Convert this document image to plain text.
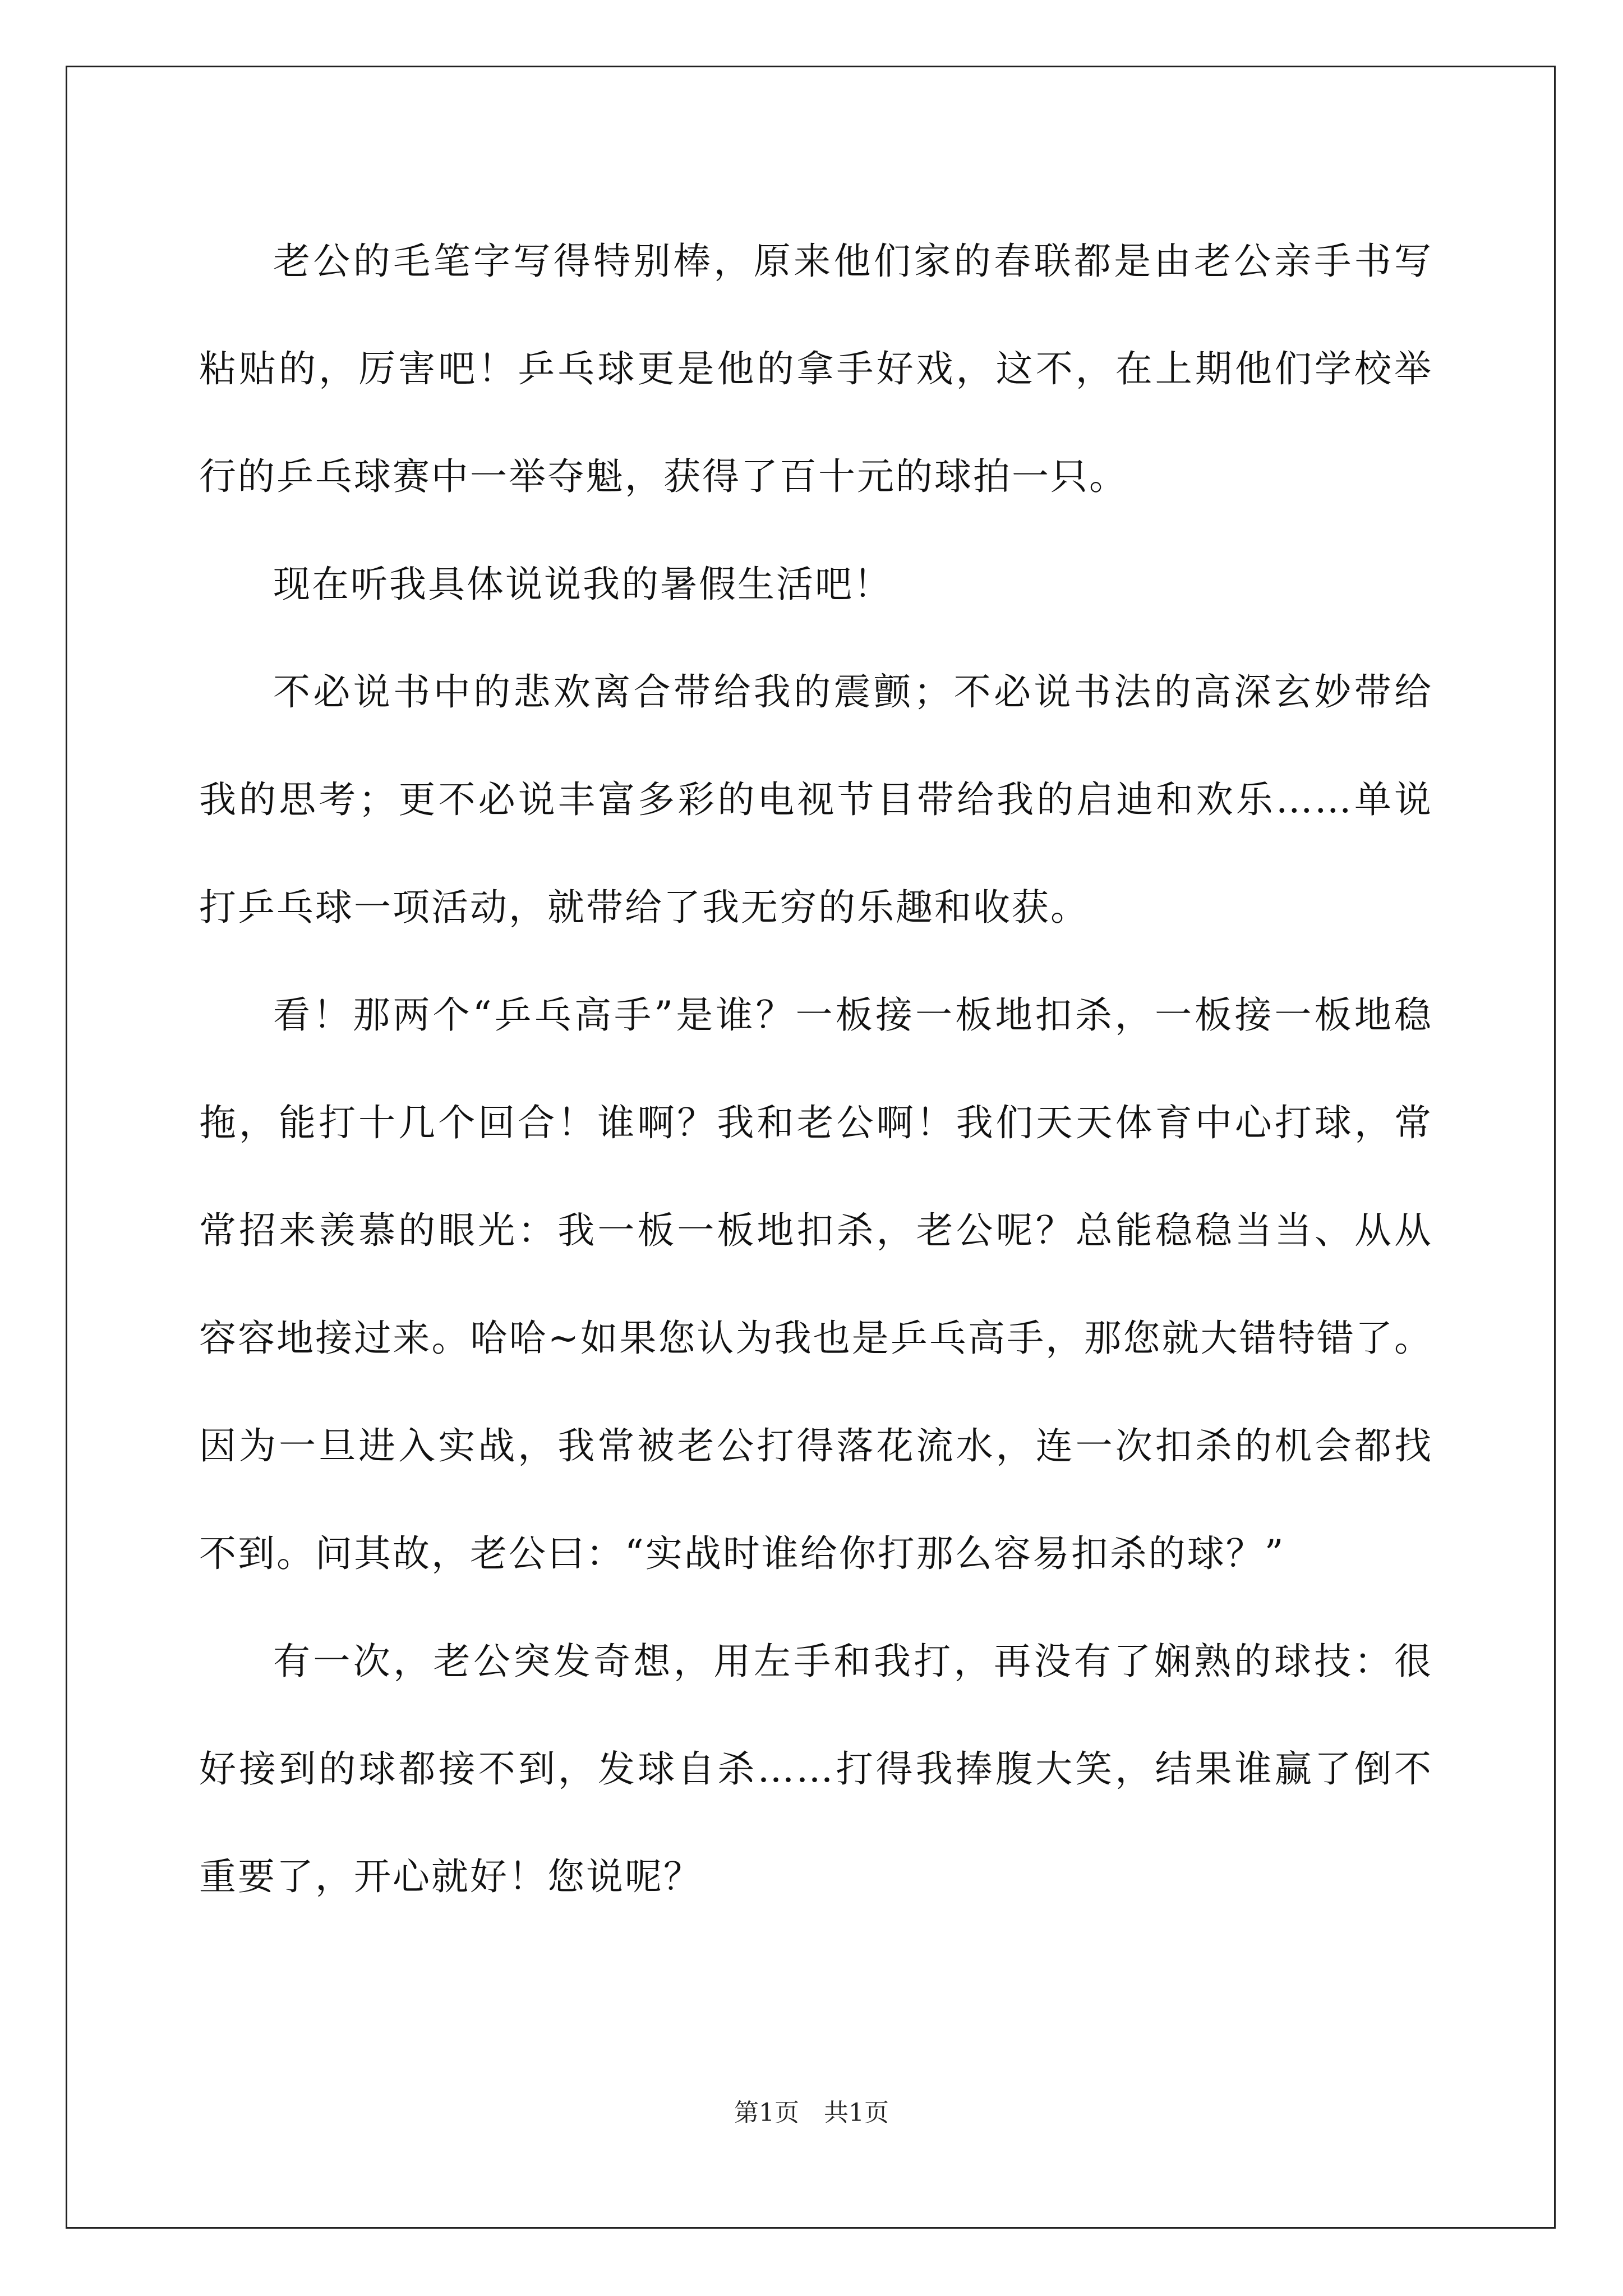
老公的毛笔字写得特别棒，原来他们家的春联都是由老公亲手书写粘贴的，厉害吧！乒乓球更是他的拿手好戏，这不，在上期他们学校举行的乒乓球赛中一举夺魁，获得了百十元的球拍一只。

现在听我具体说说我的暑假生活吧！

不必说书中的悲欢离合带给我的震颤；不必说书法的高深玄妙带给我的思考；更不必说丰富多彩的电视节目带给我的启迪和欢乐……单说打乒乓球一项活动，就带给了我无穷的乐趣和收获。

看！那两个“乒乓高手”是谁？一板接一板地扣杀，一板接一板地稳拖，能打十几个回合！谁啊？我和老公啊！我们天天体育中心打球，常常招来羡慕的眼光：我一板一板地扣杀，老公呢？总能稳稳当当、从从容容地接过来。哈哈~如果您认为我也是乒乓高手，那您就大错特错了。因为一旦进入实战，我常被老公打得落花流水，连一次扣杀的机会都找不到。问其故，老公曰：“实战时谁给你打那么容易扣杀的球？”

有一次，老公突发奇想，用左手和我打，再没有了娴熟的球技：很好接到的球都接不到，发球自杀……打得我捧腹大笑，结果谁赢了倒不重要了，开心就好！您说呢？

第1页　共1页
